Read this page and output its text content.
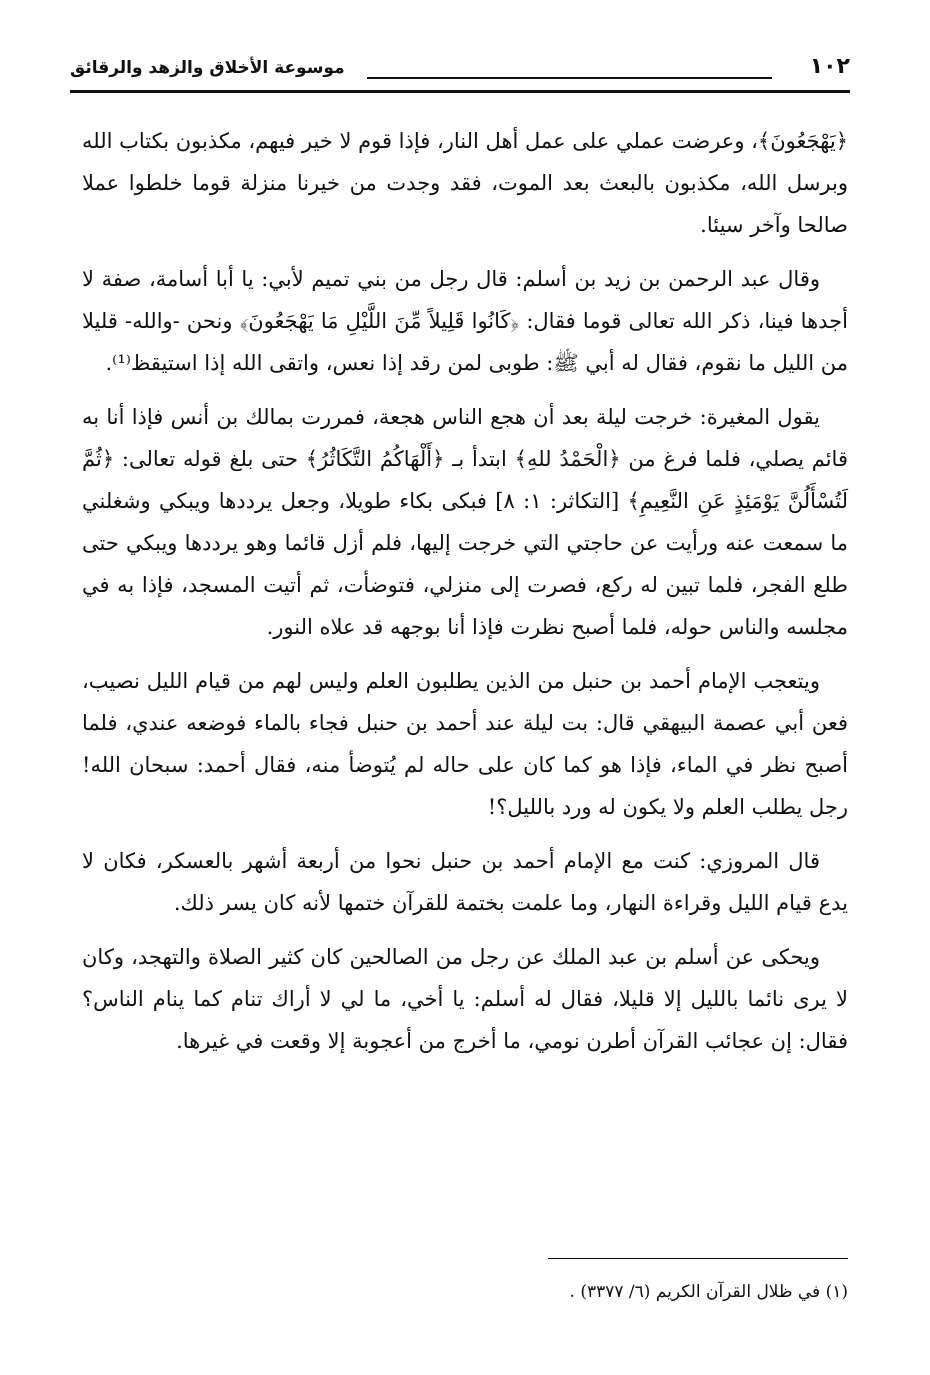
١٠٢
موسوعة الأخلاق والزهد والرقائق

﴿يَهْجَعُونَ﴾، وعرضت عملي على عمل أهل النار، فإذا قوم لا خير فيهم، مكذبون بكتاب الله وبرسل الله، مكذبون بالبعث بعد الموت، فقد وجدت من خيرنا منزلة قوما خلطوا عملا صالحا وآخر سيئا.

وقال عبد الرحمن بن زيد بن أسلم: قال رجل من بني تميم لأبي: يا أبا أسامة، صفة لا أجدها فينا، ذكر الله تعالى قوما فقال: ﴿كَانُوا قَلِيلاً مِّنَ اللَّيْلِ مَا يَهْجَعُونَ﴾ ونحن -والله- قليلا من الليل ما نقوم، فقال له أبي ﷺ: طوبى لمن رقد إذا نعس، واتقى الله إذا استيقظ⁽¹⁾.

يقول المغيرة: خرجت ليلة بعد أن هجع الناس هجعة، فمررت بمالك بن أنس فإذا أنا به قائم يصلي، فلما فرغ من ﴿الْحَمْدُ للهِ﴾ ابتدأ بـ ﴿أَلْهَاكُمُ التَّكَاثُرُ﴾ حتى بلغ قوله تعالى: ﴿ثُمَّ لَتُسْأَلُنَّ يَوْمَئِذٍ عَنِ النَّعِيمِ﴾ [التكاثر: ١: ٨] فبكى بكاء طويلا، وجعل يرددها ويبكي وشغلني ما سمعت عنه ورأيت عن حاجتي التي خرجت إليها، فلم أزل قائما وهو يرددها ويبكي حتى طلع الفجر، فلما تبين له ركع، فصرت إلى منزلي، فتوضأت، ثم أتيت المسجد، فإذا به في مجلسه والناس حوله، فلما أصبح نظرت فإذا أنا بوجهه قد علاه النور.

ويتعجب الإمام أحمد بن حنبل من الذين يطلبون العلم وليس لهم من قيام الليل نصيب، فعن أبي عصمة البيهقي قال: بت ليلة عند أحمد بن حنبل فجاء بالماء فوضعه عندي، فلما أصبح نظر في الماء، فإذا هو كما كان على حاله لم يُتوضأ منه، فقال أحمد: سبحان الله! رجل يطلب العلم ولا يكون له ورد بالليل؟!

قال المروزي: كنت مع الإمام أحمد بن حنبل نحوا من أربعة أشهر بالعسكر، فكان لا يدع قيام الليل وقراءة النهار، وما علمت بختمة للقرآن ختمها لأنه كان يسر ذلك.

ويحكى عن أسلم بن عبد الملك عن رجل من الصالحين كان كثير الصلاة والتهجد، وكان لا يرى نائما بالليل إلا قليلا، فقال له أسلم: يا أخي، ما لي لا أراك تنام كما ينام الناس؟ فقال: إن عجائب القرآن أطرن نومي، ما أخرج من أعجوبة إلا وقعت في غيرها.

(١) في ظلال القرآن الكريم (٦/ ٣٣٧٧) .
